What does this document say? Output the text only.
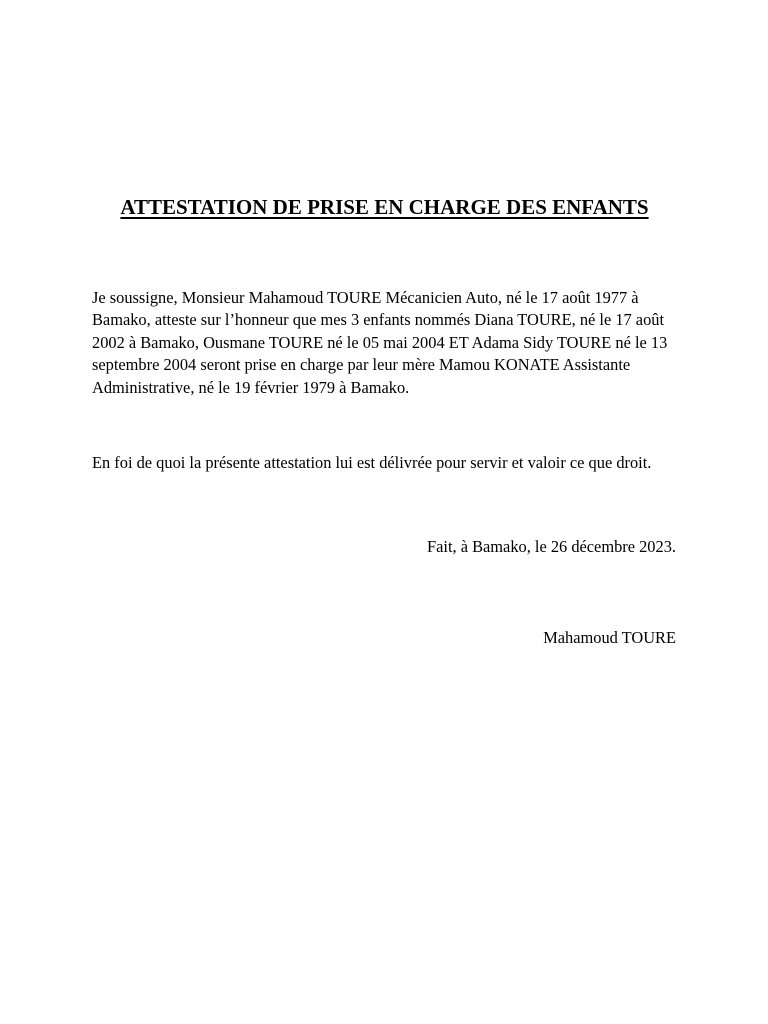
ATTESTATION DE PRISE EN CHARGE DES ENFANTS

Je soussigne, Monsieur Mahamoud TOURE Mécanicien Auto, né le 17 août 1977 à Bamako, atteste sur l’honneur que mes 3 enfants nommés Diana TOURE, né le 17 août 2002 à Bamako, Ousmane TOURE né le 05 mai 2004 ET Adama Sidy TOURE né le 13 septembre 2004 seront prise en charge par leur mère Mamou KONATE Assistante Administrative, né le 19 février 1979 à Bamako.

En foi de quoi la présente attestation lui est délivrée pour servir et valoir ce que droit.

Fait, à Bamako, le 26 décembre 2023.

Mahamoud TOURE
